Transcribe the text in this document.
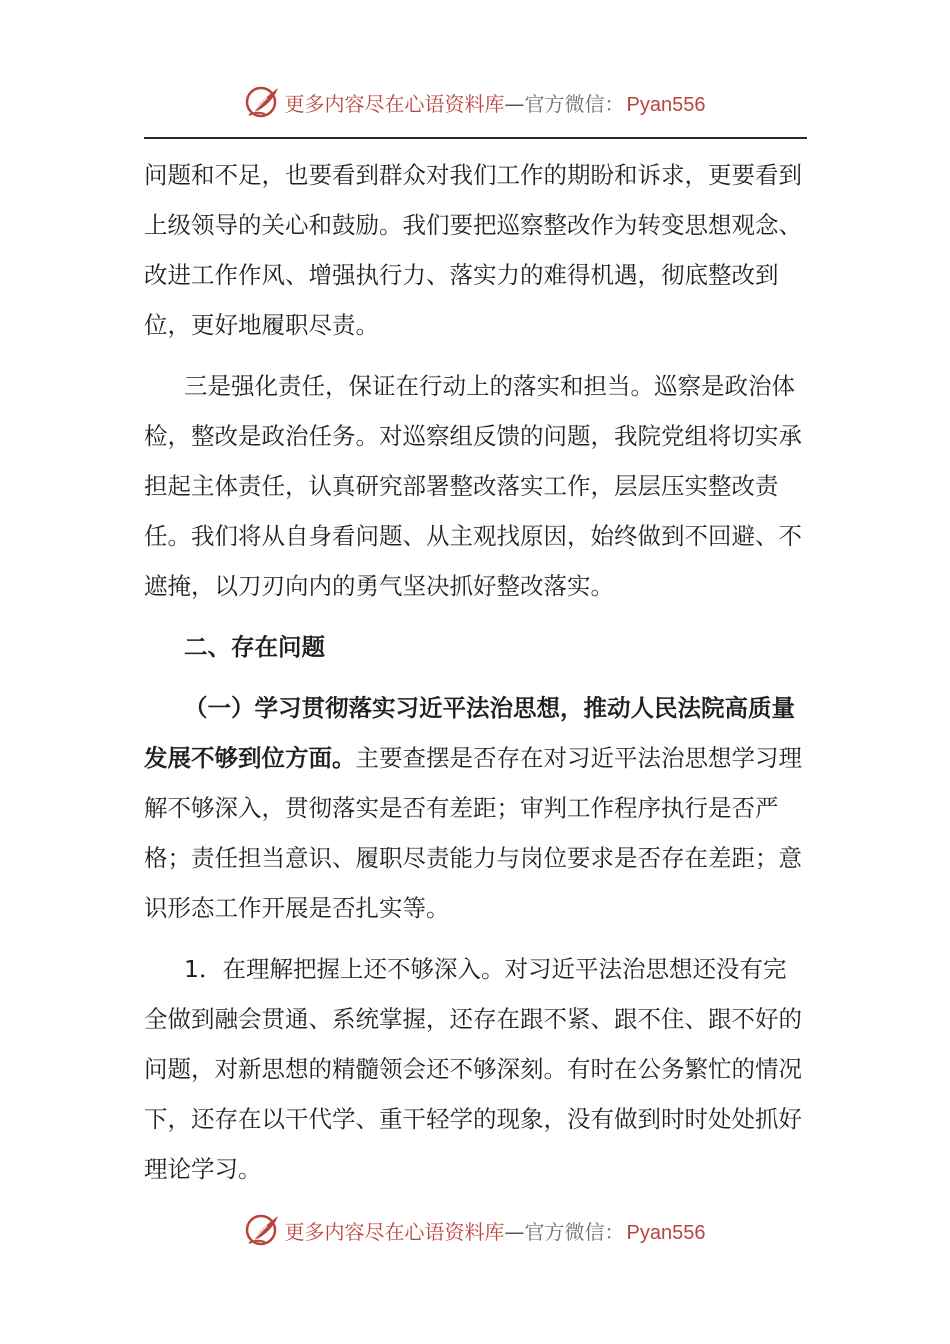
更多内容尽在心语资料库—官方微信： Pyan556

问题和不足，也要看到群众对我们工作的期盼和诉求，更要看到上级领导的关心和鼓励。我们要把巡察整改作为转变思想观念、改进工作作风、增强执行力、落实力的难得机遇，彻底整改到位，更好地履职尽责。

三是强化责任，保证在行动上的落实和担当。巡察是政治体检，整改是政治任务。对巡察组反馈的问题，我院党组将切实承担起主体责任，认真研究部署整改落实工作，层层压实整改责任。我们将从自身看问题、从主观找原因，始终做到不回避、不遮掩，以刀刃向内的勇气坚决抓好整改落实。

二、存在问题

（一）学习贯彻落实习近平法治思想，推动人民法院高质量发展不够到位方面。主要查摆是否存在对习近平法治思想学习理解不够深入，贯彻落实是否有差距；审判工作程序执行是否严格；责任担当意识、履职尽责能力与岗位要求是否存在差距；意识形态工作开展是否扎实等。

1．在理解把握上还不够深入。对习近平法治思想还没有完全做到融会贯通、系统掌握，还存在跟不紧、跟不住、跟不好的问题，对新思想的精髓领会还不够深刻。有时在公务繁忙的情况下，还存在以干代学、重干轻学的现象，没有做到时时处处抓好理论学习。

更多内容尽在心语资料库—官方微信： Pyan556
